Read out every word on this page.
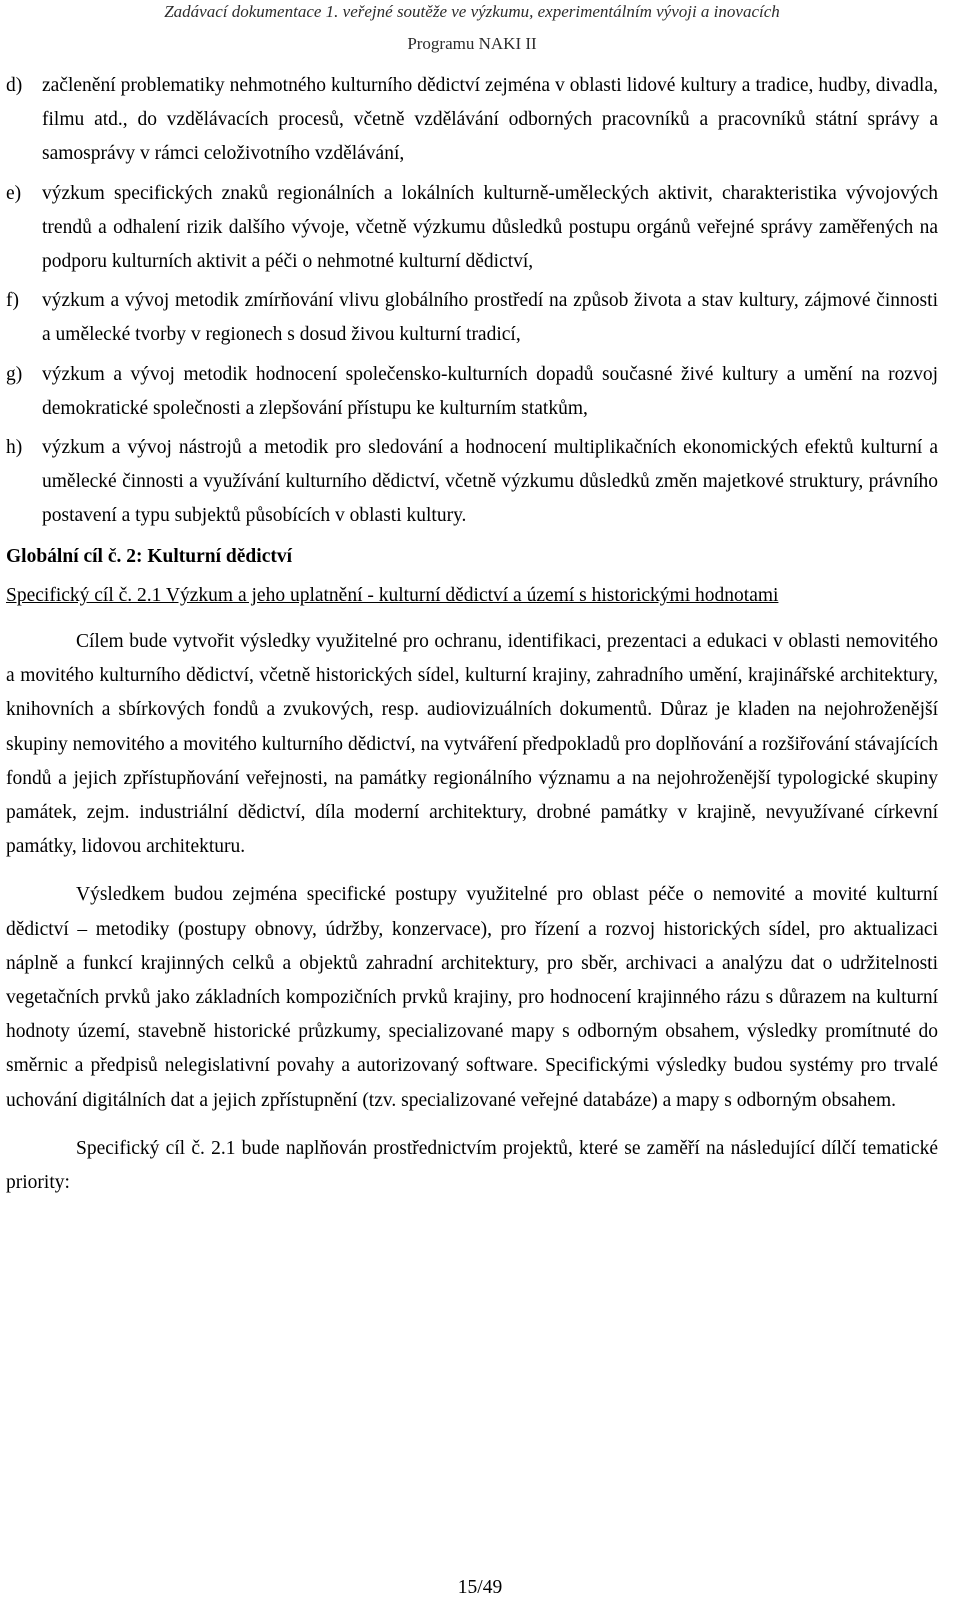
Zadávací dokumentace 1. veřejné soutěže ve výzkumu, experimentálním vývoji a inovacích
Programu NAKI II
d)	začlenění problematiky nehmotného kulturního dědictví zejména v oblasti lidové kultury a tradice, hudby, divadla, filmu atd., do vzdělávacích procesů, včetně vzdělávání odborných pracovníků a pracovníků státní správy a samosprávy v rámci celoživotního vzdělávání,
e)	výzkum specifických znaků regionálních a lokálních kulturně-uměleckých aktivit, charakteristika vývojových trendů a odhalení rizik dalšího vývoje, včetně výzkumu důsledků postupu orgánů veřejné správy zaměřených na podporu kulturních aktivit a péči o nehmotné kulturní dědictví,
f)	výzkum a vývoj metodik zmírňování vlivu globálního prostředí na způsob života a stav kultury, zájmové činnosti a umělecké tvorby v regionech s dosud živou kulturní tradicí,
g)	výzkum a vývoj metodik hodnocení společensko-kulturních dopadů současné živé kultury a umění na rozvoj demokratické společnosti a zlepšování přístupu ke kulturním statkům,
h)	výzkum a vývoj nástrojů a metodik pro sledování a hodnocení multiplikačních ekonomických efektů kulturní a umělecké činnosti a využívání kulturního dědictví, včetně výzkumu důsledků změn majetkové struktury, právního postavení a typu subjektů působících v oblasti kultury.
Globální cíl č. 2: Kulturní dědictví
Specifický cíl č. 2.1 Výzkum a jeho uplatnění - kulturní dědictví a území s historickými hodnotami

Cílem bude vytvořit výsledky využitelné pro ochranu, identifikaci, prezentaci a edukaci v oblasti nemovitého a movitého kulturního dědictví, včetně historických sídel, kulturní krajiny, zahradního umění, krajinářské architektury, knihovních a sbírkových fondů a zvukových, resp. audiovizuálních dokumentů. Důraz je kladen na nejohroženější skupiny nemovitého a movitého kulturního dědictví, na vytváření předpokladů pro doplňování a rozšiřování stávajících fondů a jejich zpřístupňování veřejnosti, na památky regionálního významu a na nejohroženější typologické skupiny památek, zejm. industriální dědictví, díla moderní architektury, drobné památky v krajině, nevyužívané církevní památky, lidovou architekturu.

Výsledkem budou zejména specifické postupy využitelné pro oblast péče o nemovité a movité kulturní dědictví – metodiky (postupy obnovy, údržby, konzervace), pro řízení a rozvoj historických sídel, pro aktualizaci náplně a funkcí krajinných celků a objektů zahradní architektury, pro sběr, archivaci a analýzu dat o udržitelnosti vegetačních prvků jako základních kompozičních prvků krajiny, pro hodnocení krajinného rázu s důrazem na kulturní hodnoty území, stavebně historické průzkumy, specializované mapy s odborným obsahem, výsledky promítnuté do směrnic a předpisů nelegislativní povahy a autorizovaný software. Specifickými výsledky budou systémy pro trvalé uchování digitálních dat a jejich zpřístupnění (tzv. specializované veřejné databáze) a mapy s odborným obsahem.

Specifický cíl č. 2.1 bude naplňován prostřednictvím projektů, které se zaměří na následující dílčí tematické priority:

15/49
